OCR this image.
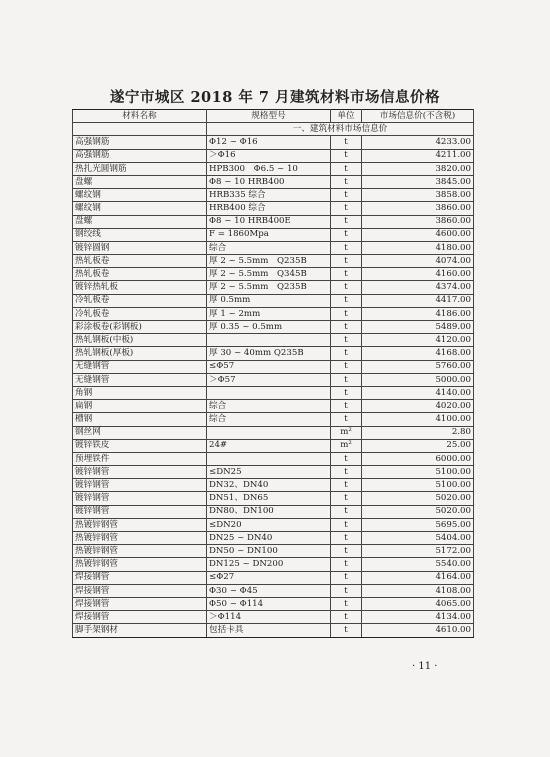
遂宁市城区 2018 年 7 月建筑材料市场信息价格
材料名称	规格型号	单位	市场信息价(不含税)
	一、建筑材料市场信息价		
高强钢筋	Φ12 ~ Φ16	t	4233.00
高强钢筋	＞Φ16	t	4211.00
热扎光圆钢筋	HPB300　Φ6.5 ~ 10	t	3820.00
盘螺	Φ8 ~ 10 HRB400	t	3845.00
螺纹钢	HRB335 综合	t	3858.00
螺纹钢	HRB400 综合	t	3860.00
盘螺	Φ8 ~ 10 HRB400E	t	3860.00
钢绞线	F = 1860Mpa	t	4600.00
镀锌圆钢	综合	t	4180.00
热轧板卷	厚 2 ~ 5.5mm　Q235B	t	4074.00
热轧板卷	厚 2 ~ 5.5mm　Q345B	t	4160.00
镀锌热轧板	厚 2 ~ 5.5mm　Q235B	t	4374.00
冷轧板卷	厚 0.5mm	t	4417.00
冷轧板卷	厚 1 ~ 2mm	t	4186.00
彩涂板卷(彩钢板)	厚 0.35 ~ 0.5mm	t	5489.00
热轧钢板(中板)		t	4120.00
热轧钢板(厚板)	厚 30 ~ 40mm Q235B	t	4168.00
无缝钢管	≤Φ57	t	5760.00
无缝钢管	＞Φ57	t	5000.00
角钢		t	4140.00
扁钢	综合	t	4020.00
槽钢	综合	t	4100.00
钢丝网		m²	2.80
镀锌铁皮	24#	m²	25.00
预埋铁件		t	6000.00
镀锌钢管	≤DN25	t	5100.00
镀锌钢管	DN32、DN40	t	5100.00
镀锌钢管	DN51、DN65	t	5020.00
镀锌钢管	DN80、DN100	t	5020.00
热镀锌钢管	≤DN20	t	5695.00
热镀锌钢管	DN25 ~ DN40	t	5404.00
热镀锌钢管	DN50 ~ DN100	t	5172.00
热镀锌钢管	DN125 ~ DN200	t	5540.00
焊接钢管	≤Φ27	t	4164.00
焊接钢管	Φ30 ~ Φ45	t	4108.00
焊接钢管	Φ50 ~ Φ114	t	4065.00
焊接钢管	＞Φ114	t	4134.00
脚手架钢材	包括卡具	t	4610.00
· 11 ·
